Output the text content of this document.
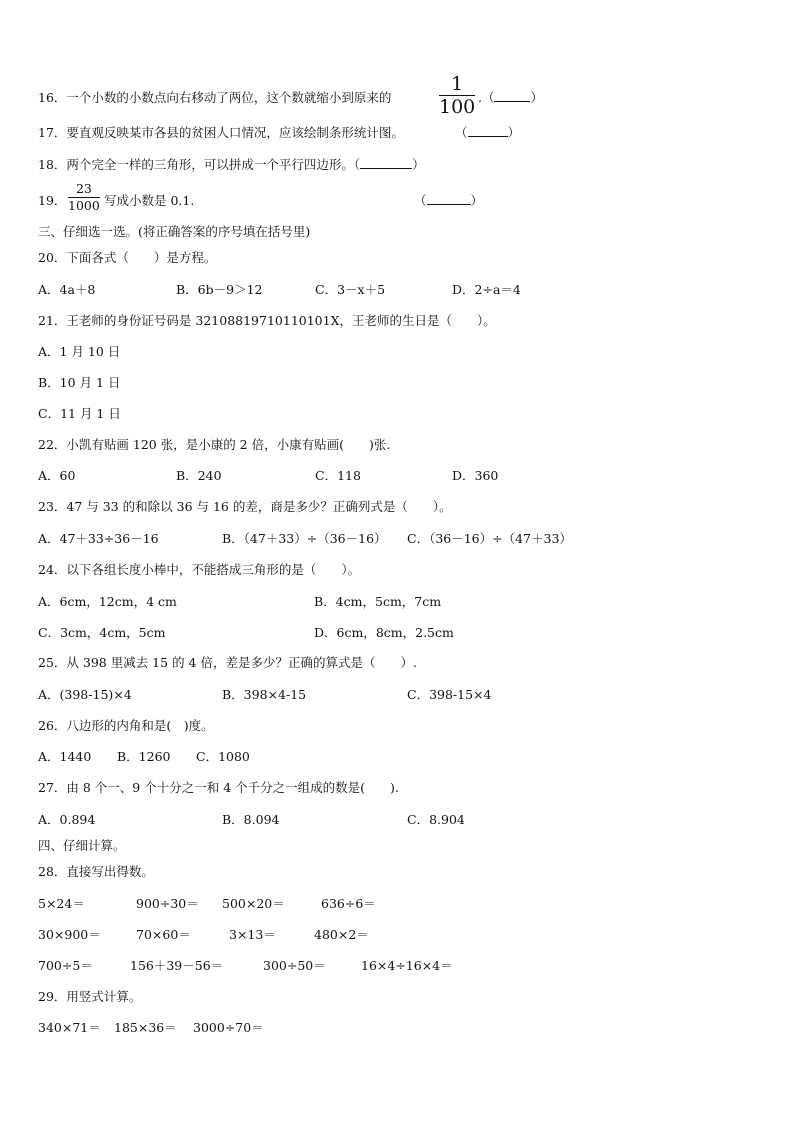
16．一个小数的小数点向右移动了两位，这个数就缩小到原来的
1
100 .（	）
17．要直观反映某市各县的贫困人口情况，应该绘制条形统计图。	（	）
18．两个完全一样的三角形，可以拼成一个平行四边形。（	）
19．
23
1000 写成小数是 0.1.	（	）
三、仔细选一选。(将正确答案的序号填在括号里)
20．下面各式（　　）是方程。
A．4a＋8	B．6b－9＞12	C．3－x＋5	D．2÷a＝4
21．王老师的身份证号码是 32108819710110101X，王老师的生日是（　　）。
A．1 月 10 日
B．10 月 1 日
C．11 月 1 日
22．小凯有贴画 120 张，是小康的 2 倍，小康有贴画(　　)张.
A．60	B．240	C．118	D．360
23．47 与 33 的和除以 36 与 16 的差，商是多少？正确列式是（　　）。
A．47＋33÷36－16	B．（47＋33）÷（36－16） C．（36－16）÷（47＋33）
24．以下各组长度小棒中，不能搭成三角形的是（　　）。
A．6cm，12cm，4 cm	B．4cm，5cm，7cm
C．3cm，4cm，5cm	D．6cm，8cm，2.5cm
25．从 398 里减去 15 的 4 倍，差是多少？正确的算式是（　　）.
A．(398-15)×4	B．398×4-15	C．398-15×4
26．八边形的内角和是(　)度。
A．1440 B．1260 C．1080
27．由 8 个一、9 个十分之一和 4 个千分之一组成的数是(　　).
A．0.894	B．8.094	C．8.904
四、仔细计算。
28．直接写出得数。
5×24＝	900÷30＝ 500×20＝	636÷6＝
30×900＝	70×60＝	3×13＝	480×2＝
700÷5＝	156＋39－56＝	300÷50＝	16×4÷16×4＝
29．用竖式计算。
340×71＝ 185×36＝ 3000÷70＝
